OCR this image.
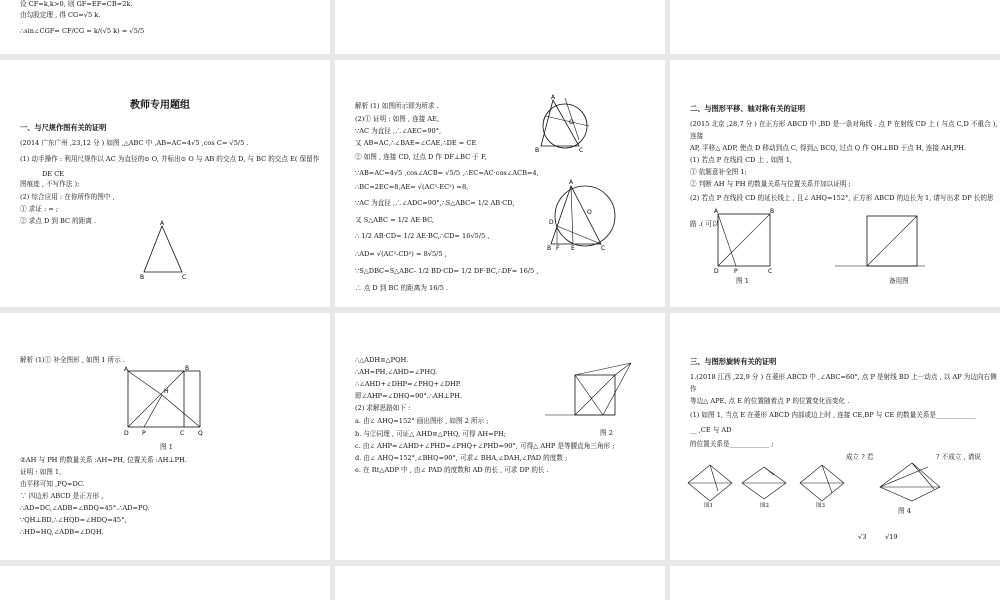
设 CF=k,k>0, 则 GF=EF=CB=2k.
由勾股定理 , 得 CG=√5 k.
∴sin∠CGF= CF/CG = k/(√5 k) = √5/5
教师专用题组
一、与尺规作图有关的证明
(2014 广东广州 ,23,12 分 ) 如图 ,△ABC 中 ,AB=AC=4√5 ,cos C= √5/5 .
(1) 动手操作 : 利用尺规作以 AC 为直径的⊙ O, 并标出⊙ O 与 AB 的交点 D, 与 BC 的交点 E( 保留作
DE CE
图痕迹 , 不写作法 );
(2) 综合应用 : 在你所作的图中 ,
① 求证 : = ;
② 求点 D 到 BC 的距离 .	A
B	C
解析 (1) 如图所示即为所求 .
(2)① 证明 : 如图 , 连接 AE,
∵AC 为直径 ,∴∠AEC=90°,
又 AB=AC,∴∠BAE=∠CAE,∴DE = CE
② 如图 , 连接 CD, 过点 D 作 DF⊥BC 于 F,
∵AB=AC=4√5 ,cos∠ACB= √5/5 ,∴EC=AC·cos∠ACB=4,
∴BC=2EC=8,AE= √(AC²-EC²) =8,
∵AC 为直径 ,∴∠ADC=90°,∴S△ABC= 1/2 AB·CD,
又 S△ABC = 1/2 AE·BC,
∴ 1/2 AB·CD= 1/2 AE·BC,∴CD= 16√5/5 ,
∴AD= √(AC²-CD²) = 8√5/5 ,
∵S△DBC=S△ABC- 1/2 BD·CD= 1/2 DF·BC,∴DF= 16/5 ,
∴ 点 D 到 BC 的距离为 16/5 .
A
O
B	C
A
O
D
B F E	C
二、与图形平移、轴对称有关的证明
(2015 北京 ,28,7 分 ) 在正方形 ABCD 中 ,BD 是一条对角线 . 点 P 在射线 CD 上 ( 与点 C,D 不重合 ),
连接
AP, 平移△ ADP, 使点 D 移动到点 C, 得到△ BCQ, 过点 Q 作 QH⊥BD 于点 H, 连接 AH,PH.
(1) 若点 P 在线段 CD 上 , 如图 1,
① 依题意补全图 1;
② 判断 AH 与 PH 的数量关系与位置关系并加以证明 ;
(2) 若点 P 在线段 CD 的延长线上 , 且∠ AHQ=152°, 正方形 ABCD 的边长为 1, 请写出求 DP 长的思
路 .( 可以
A	B
D	P	C
图 1	备用图
解析 (1)① 补全图形 , 如图 1 所示 .
A	B
H
D P	C Q
图 1
②AH 与 PH 的数量关系 :AH=PH, 位置关系 :AH⊥PH.
证明 : 如图 1,
由平移可知 ,PQ=DC.
∵ 四边形 ABCD 是正方形 ,
∴AD=DC,∠ADB=∠BDQ=45°.∴AD=PQ.
∵QH⊥BD,∴∠HQD=∠HDQ=45°,
∴HD=HQ,∠ADB=∠DQH.
∴△ADH≌△PQH.
∴AH=PH,∠AHD=∠PHQ.
∴∠AHD+∠DHP=∠PHQ+∠DHP.
即∠AHP=∠DHQ=90°.∴AH⊥PH.
(2) 求解思路如下 :
a. 由∠ AHQ=152° 画出图形 , 如图 2 所示 ;
b. 与②同理 , 可证△ AHD≌△PHQ, 可得 AH=PH;
c. 由∠ AHP=∠AHD+∠PHD=∠PHQ+∠PHD=90°, 可得△ AHP 是等腰直角三角形 ;
d. 由∠ AHQ=152°,∠BHQ=90°, 可求∠ BHA,∠DAH,∠PAD 的度数 ;
e. 在 Rt△ADP 中 , 由∠ PAD 的度数和 AD 的长 , 可求 DP 的长 .
图 2
三、与图形旋转有关的证明
1.(2018 江西 ,22,9 分 ) 在菱形 ABCD 中 ,∠ABC=60°, 点 P 是射线 BD 上一动点 , 以 AP 为边向右侧
作
等边△ APE, 点 E 的位置随着点 P 的位置变化而变化 .
(1) 如图 1, 当点 E 在菱形 ABCD 内部或边上时 , 连接 CE,BP 与 CE 的数量关系是____________
__ ,CE 与 AD
的位置关系是____________ ;
成立 ? 若	? 不成立 , 请说
图1	图2	图3
图 4
√3	√19
